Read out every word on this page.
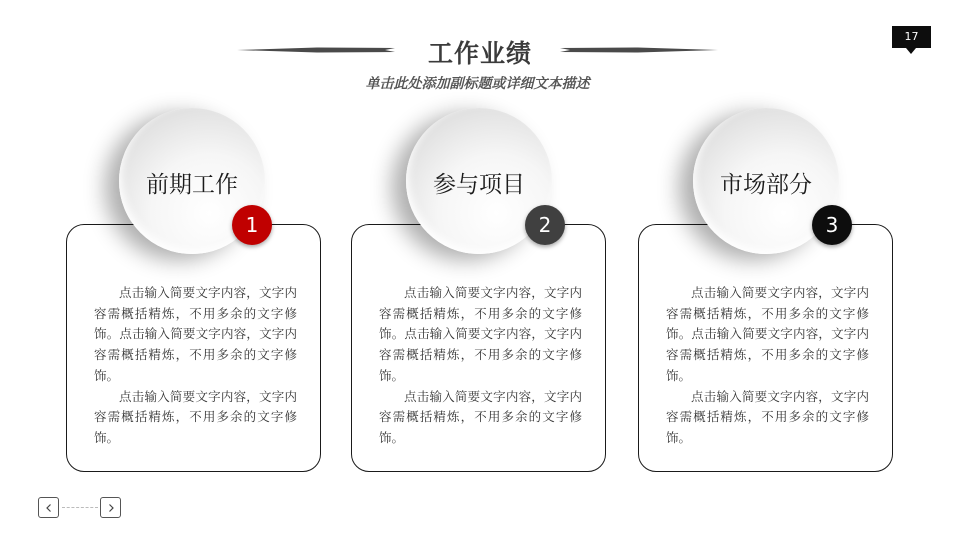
17
工作业绩
单击此处添加副标题或详细文本描述

点击输入简要文字内容，文字内容需概括精炼，不用多余的文字修饰。点击输入简要文字内容，文字内容需概括精炼，不用多余的文字修饰。

点击输入简要文字内容，文字内容需概括精炼，不用多余的文字修饰。

前期工作
1

点击输入简要文字内容，文字内容需概括精炼，不用多余的文字修饰。点击输入简要文字内容，文字内容需概括精炼，不用多余的文字修饰。

点击输入简要文字内容，文字内容需概括精炼，不用多余的文字修饰。

参与项目
2

点击输入简要文字内容，文字内容需概括精炼，不用多余的文字修饰。点击输入简要文字内容，文字内容需概括精炼，不用多余的文字修饰。

点击输入简要文字内容，文字内容需概括精炼，不用多余的文字修饰。

市场部分
3
